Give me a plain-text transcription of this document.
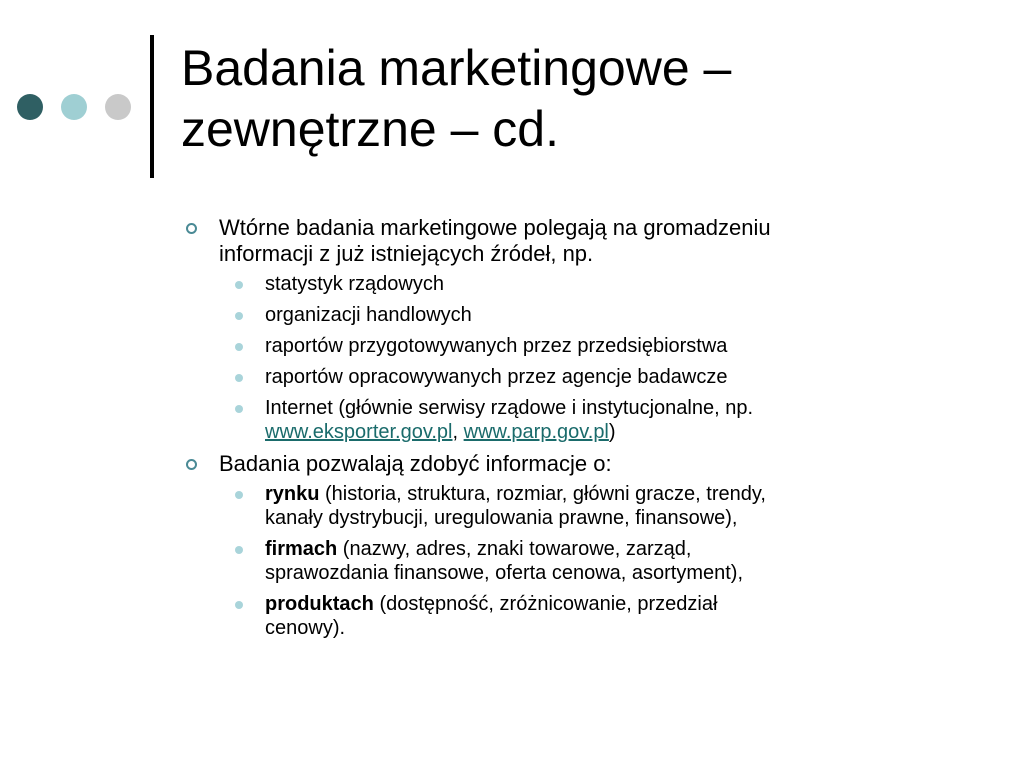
Badania marketingowe –
zewnętrzne – cd.
Wtórne badania marketingowe polegają na gromadzeniu
informacji z już istniejących źródeł, np.
statystyk rządowych
organizacji handlowych
raportów przygotowywanych przez przedsiębiorstwa
raportów opracowywanych przez agencje badawcze
Internet (głównie serwisy rządowe i instytucjonalne, np.
www.eksporter.gov.pl, www.parp.gov.pl)
Badania pozwalają zdobyć informacje o:
rynku (historia, struktura, rozmiar, główni gracze, trendy,
kanały dystrybucji, uregulowania prawne, finansowe),
firmach (nazwy, adres, znaki towarowe, zarząd,
sprawozdania finansowe, oferta cenowa, asortyment),
produktach (dostępność, zróżnicowanie, przedział
cenowy).
